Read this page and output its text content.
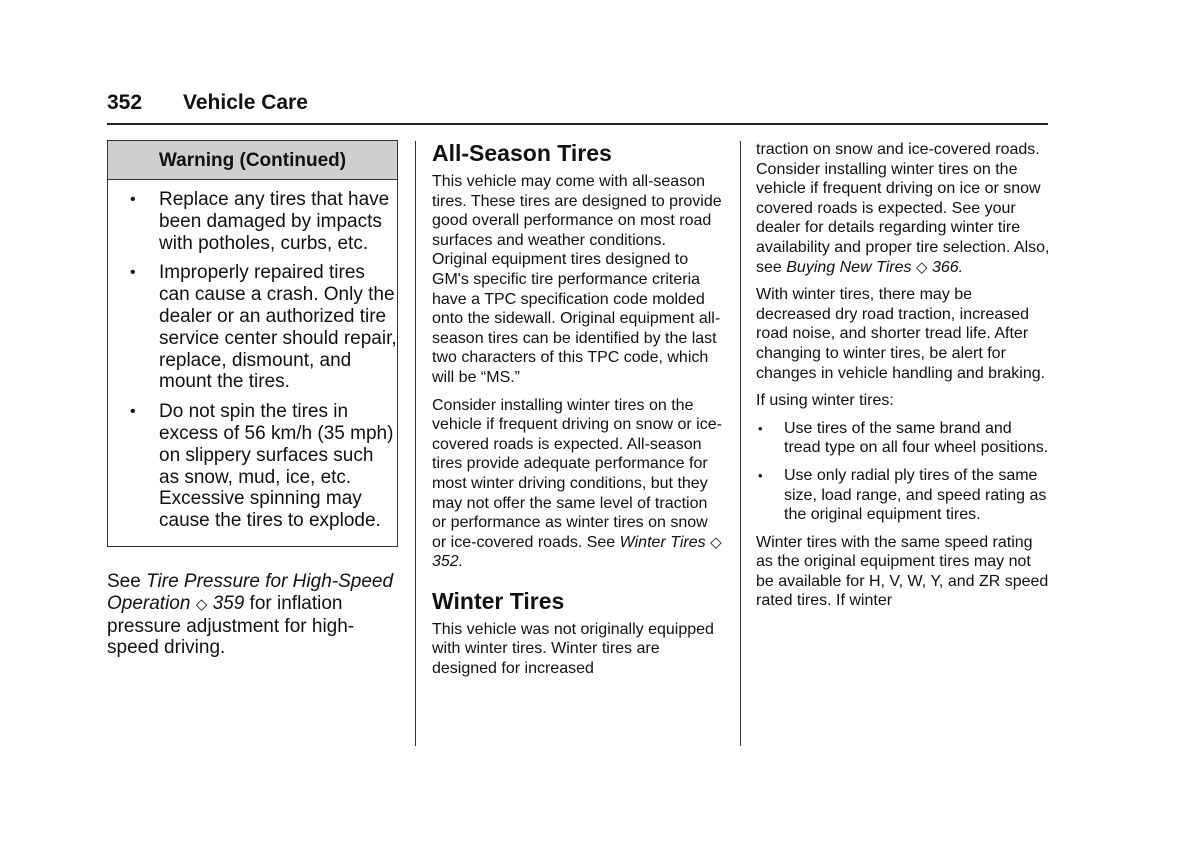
352 Vehicle Care
Warning (Continued)
• Replace any tires that have been damaged by impacts with potholes, curbs, etc.
• Improperly repaired tires can cause a crash. Only the dealer or an authorized tire service center should repair, replace, dismount, and mount the tires.
• Do not spin the tires in excess of 56 km/h (35 mph) on slippery surfaces such as snow, mud, ice, etc. Excessive spinning may cause the tires to explode.
See Tire Pressure for High-Speed Operation ◇ 359 for inflation pressure adjustment for high-speed driving.
All-Season Tires

This vehicle may come with all-season tires. These tires are designed to provide good overall performance on most road surfaces and weather conditions. Original equipment tires designed to GM's specific tire performance criteria have a TPC specification code molded onto the sidewall. Original equipment all-season tires can be identified by the last two characters of this TPC code, which will be “MS.”

Consider installing winter tires on the vehicle if frequent driving on snow or ice-covered roads is expected. All-season tires provide adequate performance for most winter driving conditions, but they may not offer the same level of traction or performance as winter tires on snow or ice-covered roads. See Winter Tires ◇ 352.

Winter Tires

This vehicle was not originally equipped with winter tires. Winter tires are designed for increased

traction on snow and ice-covered roads. Consider installing winter tires on the vehicle if frequent driving on ice or snow covered roads is expected. See your dealer for details regarding winter tire availability and proper tire selection. Also, see Buying New Tires ◇ 366.

With winter tires, there may be decreased dry road traction, increased road noise, and shorter tread life. After changing to winter tires, be alert for changes in vehicle handling and braking.

If using winter tires:

• Use tires of the same brand and tread type on all four wheel positions.
• Use only radial ply tires of the same size, load range, and speed rating as the original equipment tires.

Winter tires with the same speed rating as the original equipment tires may not be available for H, V, W, Y, and ZR speed rated tires. If winter
